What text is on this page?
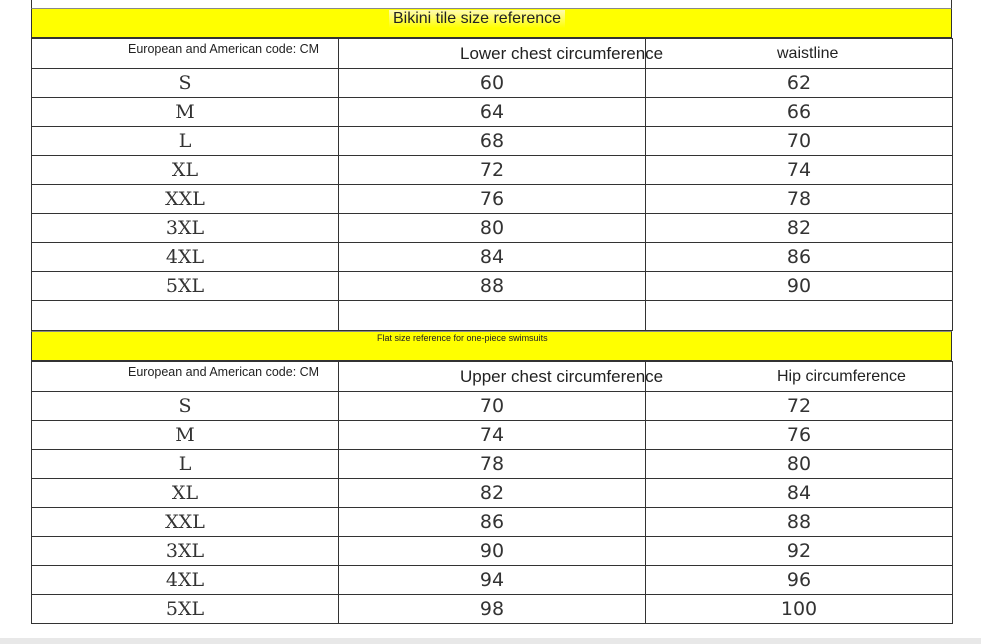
Bikini tile size reference
European and American code: CM	Lower chest circumference	waistline
S	60	62
M	64	66
L	68	70
XL	72	74
XXL	76	78
3XL	80	82
4XL	84	86
5XL	88	90

Flat size reference for one-piece swimsuits
European and American code: CM	Upper chest circumference	Hip circumference
S	70	72
M	74	76
L	78	80
XL	82	84
XXL	86	88
3XL	90	92
4XL	94	96
5XL	98	100
